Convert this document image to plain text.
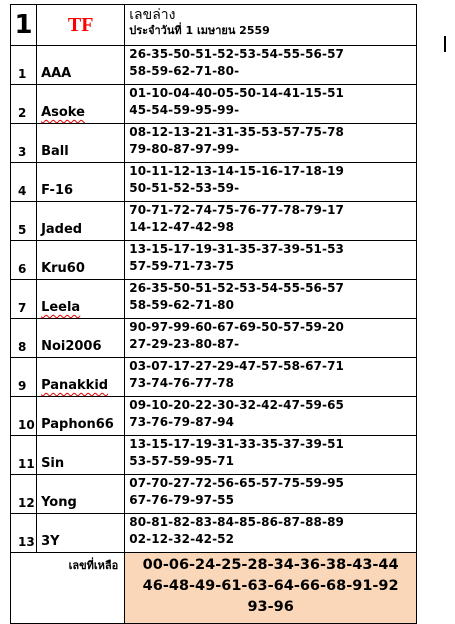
1	TF	เลขล่าง
ประจำวันที่ 1 เมษายน 2559

1	AAA	26-35-50-51-52-53-54-55-56-57
58-59-62-71-80-

2	Asoke	01-10-04-40-05-50-14-41-15-51
45-54-59-95-99-

3	Ball	08-12-13-21-31-35-53-57-75-78
79-80-87-97-99-

4	F-16	10-11-12-13-14-15-16-17-18-19
50-51-52-53-59-

5	Jaded	70-71-72-74-75-76-77-78-79-17
14-12-47-42-98

6	Kru60	13-15-17-19-31-35-37-39-51-53
57-59-71-73-75

7	Leela	26-35-50-51-52-53-54-55-56-57
58-59-62-71-80

8	Noi2006	90-97-99-60-67-69-50-57-59-20
27-29-23-80-87-

9	Panakkid	03-07-17-27-29-47-57-58-67-71
73-74-76-77-78

10	Paphon66	09-10-20-22-30-32-42-47-59-65
73-76-79-87-94

11	Sin	13-15-17-19-31-33-35-37-39-51
53-57-59-95-71

12	Yong	07-70-27-72-56-65-57-75-59-95
67-76-79-97-55

13	3Y	80-81-82-83-84-85-86-87-88-89
02-12-32-42-52

เลขที่เหลือ		00-06-24-25-28-34-36-38-43-44
46-48-49-61-63-64-66-68-91-92
93-96
